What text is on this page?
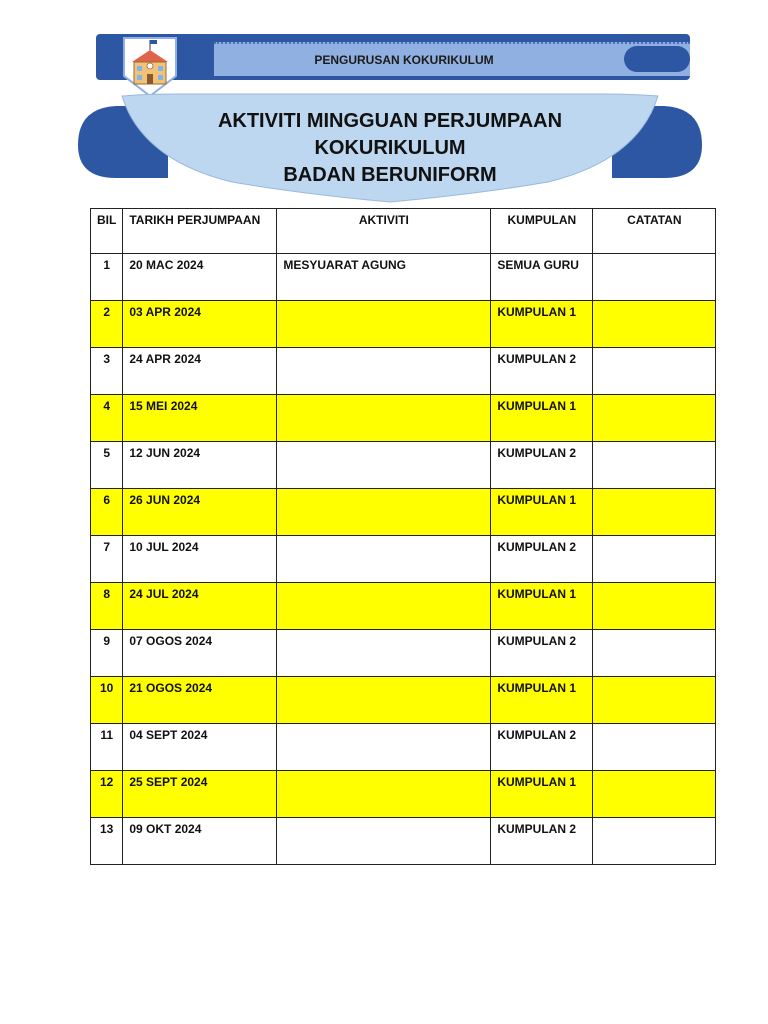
PENGURUSAN KOKURIKULUM
AKTIVITI MINGGUAN PERJUMPAAN
KOKURIKULUM
BADAN BERUNIFORM
BIL	TARIKH PERJUMPAAN	AKTIVITI	KUMPULAN	CATATAN
1	20 MAC 2024	MESYUARAT AGUNG	SEMUA GURU	
2	03 APR 2024		KUMPULAN 1	
3	24 APR 2024		KUMPULAN 2	
4	15 MEI 2024		KUMPULAN 1	
5	12 JUN 2024		KUMPULAN 2	
6	26 JUN 2024		KUMPULAN 1	
7	10 JUL 2024		KUMPULAN 2	
8	24 JUL 2024		KUMPULAN 1	
9	07 OGOS 2024		KUMPULAN 2	
10	21 OGOS 2024		KUMPULAN 1	
11	04 SEPT 2024		KUMPULAN 2	
12	25 SEPT 2024		KUMPULAN 1	
13	09 OKT 2024		KUMPULAN 2	
